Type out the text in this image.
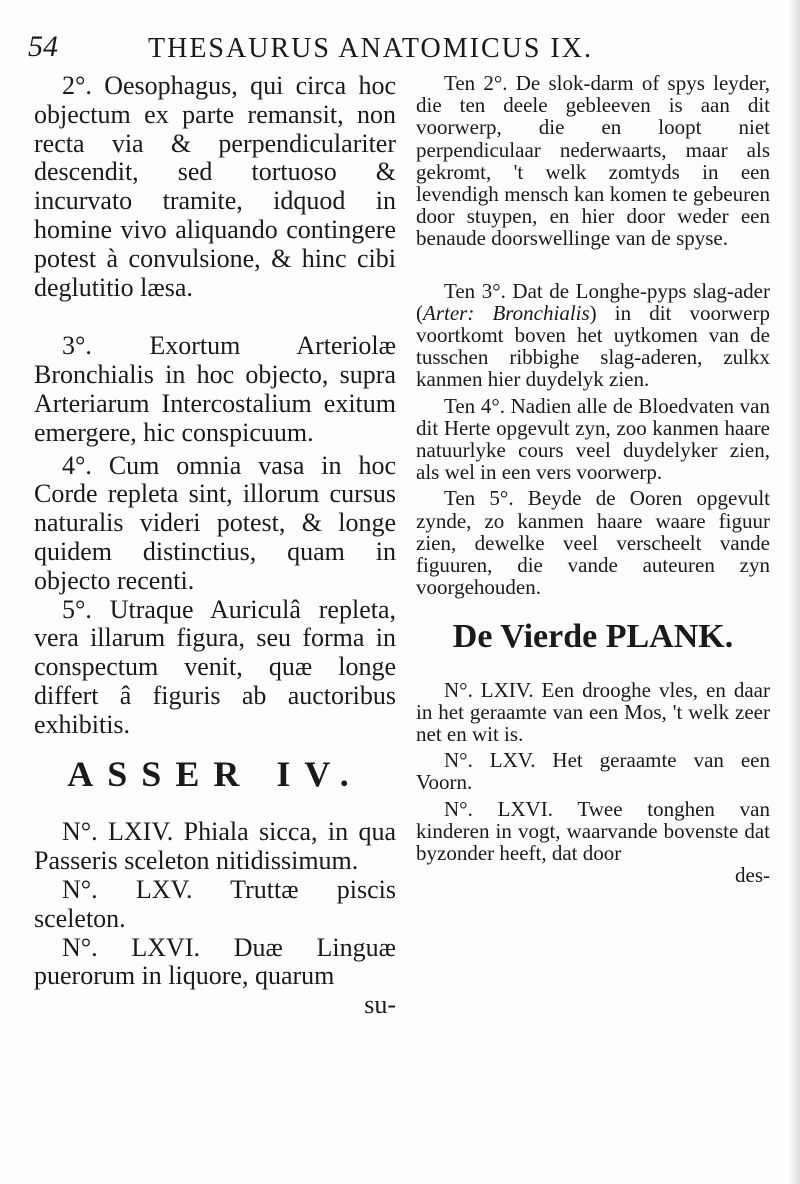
54	THESAURUS ANATOMICUS IX.

2°. Oesophagus, qui circa hoc objectum ex parte remansit, non recta via & perpendiculariter descendit, sed tortuoso & incurvato tramite, idquod in homine vivo aliquando contingere potest à convulsione, & hinc cibi deglutitio læsa.

3°. Exortum Arteriolæ Bronchialis in hoc objecto, supra Arteriarum Intercostalium exitum emergere, hic conspicuum.

4°. Cum omnia vasa in hoc Corde repleta sint, illorum cursus naturalis videri potest, & longe quidem distinctius, quam in objecto recenti.

5°. Utraque Auriculâ repleta, vera illarum figura, seu forma in conspectum venit, quæ longe differt â figuris ab auctoribus exhibitis.

ASSER IV.

N°. LXIV. Phiala sicca, in qua Passeris sceleton nitidissimum.

N°. LXV. Truttæ piscis sceleton.

N°. LXVI. Duæ Linguæ puerorum in liquore, quarum

su-

Ten 2°. De slok-darm of spys leyder, die ten deele gebleeven is aan dit voorwerp, die en loopt niet perpendiculaar nederwaarts, maar als gekromt, 't welk zomtyds in een levendigh mensch kan komen te gebeuren door stuypen, en hier door weder een benaude doorswellinge van de spyse.

Ten 3°. Dat de Longhe-pyps slag-ader (Arter: Bronchialis) in dit voorwerp voortkomt boven het uytkomen van de tusschen ribbighe slag-aderen, zulkx kanmen hier duydelyk zien.

Ten 4°. Nadien alle de Bloedvaten van dit Herte opgevult zyn, zoo kanmen haare natuurlyke cours veel duydelyker zien, als wel in een vers voorwerp.

Ten 5°. Beyde de Ooren opgevult zynde, zo kanmen haare waare figuur zien, dewelke veel verscheelt vande figuuren, die vande auteuren zyn voorgehouden.

De Vierde PLANK.

N°. LXIV. Een drooghe vles, en daar in het geraamte van een Mos, 't welk zeer net en wit is.

N°. LXV. Het geraamte van een Voorn.

N°. LXVI. Twee tonghen van kinderen in vogt, waarvande bovenste dat byzonder heeft, dat door

des-
